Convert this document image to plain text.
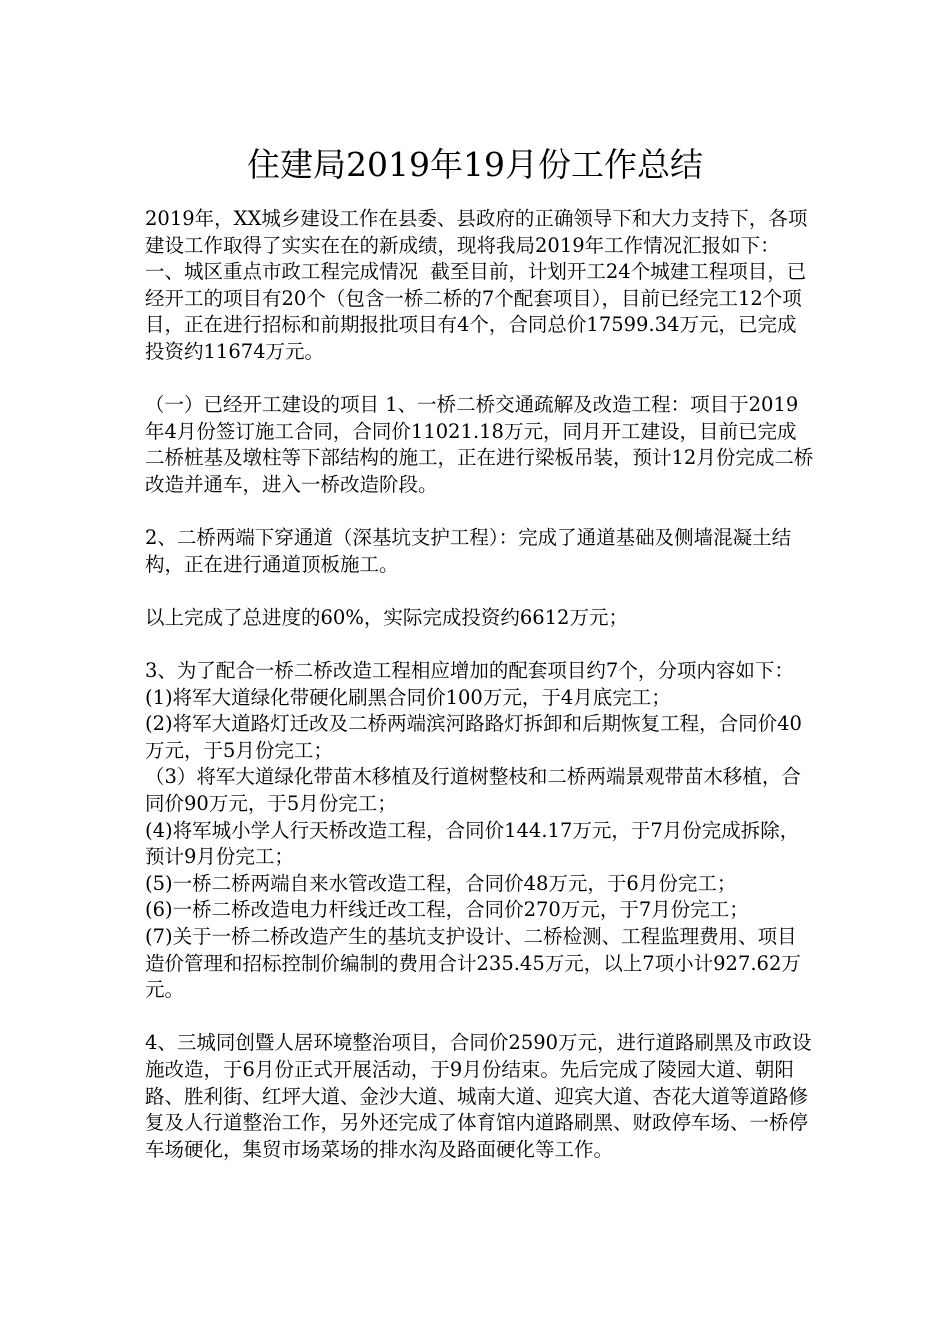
住建局2019年19月份工作总结

2019年，XX城乡建设工作在县委、县政府的正确领导下和大力支持下，各项建设工作取得了实实在在的新成绩，现将我局2019年工作情况汇报如下：

一、城区重点市政工程完成情况  截至目前，计划开工24个城建工程项目，已经开工的项目有20个（包含一桥二桥的7个配套项目），目前已经完工12个项目，正在进行招标和前期报批项目有4个，合同总价17599.34万元，已完成投资约11674万元。

（一）已经开工建设的项目 1、一桥二桥交通疏解及改造工程：项目于2019年4月份签订施工合同，合同价11021.18万元，同月开工建设，目前已完成二桥桩基及墩柱等下部结构的施工，正在进行梁板吊装，预计12月份完成二桥改造并通车，进入一桥改造阶段。

2、二桥两端下穿通道（深基坑支护工程）：完成了通道基础及侧墙混凝土结构，正在进行通道顶板施工。

以上完成了总进度的60%，实际完成投资约6612万元；

3、为了配合一桥二桥改造工程相应增加的配套项目约7个，分项内容如下：(1)将军大道绿化带硬化刷黑合同价100万元，于4月底完工；

(2)将军大道路灯迁改及二桥两端滨河路路灯拆卸和后期恢复工程，合同价40万元，于5月份完工；

（3）将军大道绿化带苗木移植及行道树整枝和二桥两端景观带苗木移植，合同价90万元，于5月份完工；

(4)将军城小学人行天桥改造工程，合同价144.17万元，于7月份完成拆除，预计9月份完工；

(5)一桥二桥两端自来水管改造工程，合同价48万元，于6月份完工；

(6)一桥二桥改造电力杆线迁改工程，合同价270万元，于7月份完工；

(7)关于一桥二桥改造产生的基坑支护设计、二桥检测、工程监理费用、项目造价管理和招标控制价编制的费用合计235.45万元，以上7项小计927.62万元。

4、三城同创暨人居环境整治项目，合同价2590万元，进行道路刷黑及市政设施改造，于6月份正式开展活动，于9月份结束。先后完成了陵园大道、朝阳路、胜利街、红坪大道、金沙大道、城南大道、迎宾大道、杏花大道等道路修复及人行道整治工作，另外还完成了体育馆内道路刷黑、财政停车场、一桥停车场硬化，集贸市场菜场的排水沟及路面硬化等工作。
